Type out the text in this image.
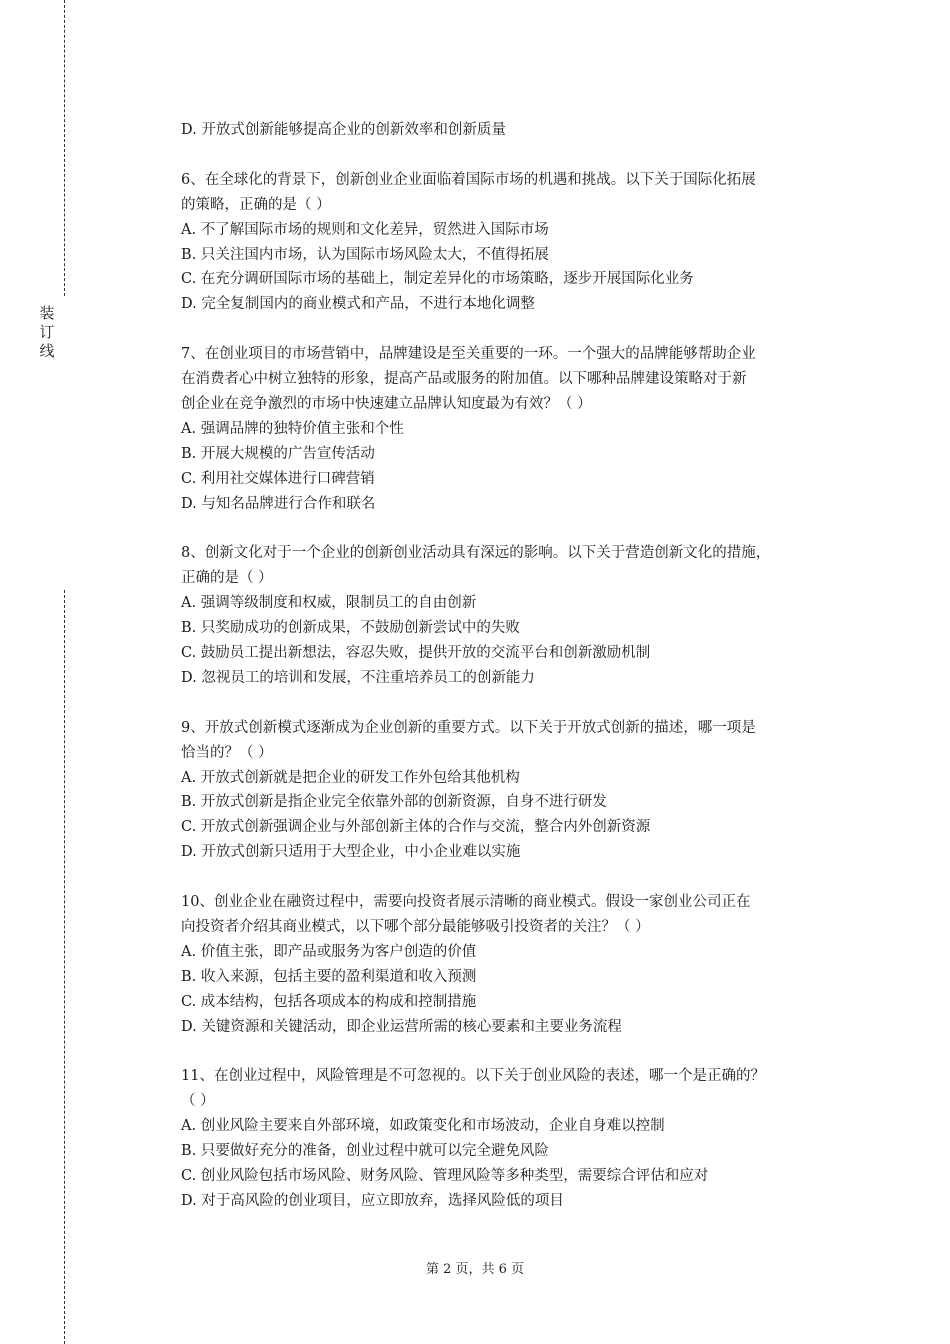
装
订
线
D. 开放式创新能够提高企业的创新效率和创新质量
6、在全球化的背景下，创新创业企业面临着国际市场的机遇和挑战。以下关于国际化拓展
的策略，正确的是（ ）
A. 不了解国际市场的规则和文化差异，贸然进入国际市场
B. 只关注国内市场，认为国际市场风险太大，不值得拓展
C. 在充分调研国际市场的基础上，制定差异化的市场策略，逐步开展国际化业务
D. 完全复制国内的商业模式和产品，不进行本地化调整
7、在创业项目的市场营销中，品牌建设是至关重要的一环。一个强大的品牌能够帮助企业
在消费者心中树立独特的形象，提高产品或服务的附加值。以下哪种品牌建设策略对于新
创企业在竞争激烈的市场中快速建立品牌认知度最为有效？（ ）
A. 强调品牌的独特价值主张和个性
B. 开展大规模的广告宣传活动
C. 利用社交媒体进行口碑营销
D. 与知名品牌进行合作和联名
8、创新文化对于一个企业的创新创业活动具有深远的影响。以下关于营造创新文化的措施，
正确的是（ ）
A. 强调等级制度和权威，限制员工的自由创新
B. 只奖励成功的创新成果，不鼓励创新尝试中的失败
C. 鼓励员工提出新想法，容忍失败，提供开放的交流平台和创新激励机制
D. 忽视员工的培训和发展，不注重培养员工的创新能力
9、开放式创新模式逐渐成为企业创新的重要方式。以下关于开放式创新的描述，哪一项是
恰当的？（ ）
A. 开放式创新就是把企业的研发工作外包给其他机构
B. 开放式创新是指企业完全依靠外部的创新资源，自身不进行研发
C. 开放式创新强调企业与外部创新主体的合作与交流，整合内外创新资源
D. 开放式创新只适用于大型企业，中小企业难以实施
10、创业企业在融资过程中，需要向投资者展示清晰的商业模式。假设一家创业公司正在
向投资者介绍其商业模式，以下哪个部分最能够吸引投资者的关注？（ ）
A. 价值主张，即产品或服务为客户创造的价值
B. 收入来源，包括主要的盈利渠道和收入预测
C. 成本结构，包括各项成本的构成和控制措施
D. 关键资源和关键活动，即企业运营所需的核心要素和主要业务流程
11、在创业过程中，风险管理是不可忽视的。以下关于创业风险的表述，哪一个是正确的？
（ ）
A. 创业风险主要来自外部环境，如政策变化和市场波动，企业自身难以控制
B. 只要做好充分的准备，创业过程中就可以完全避免风险
C. 创业风险包括市场风险、财务风险、管理风险等多种类型，需要综合评估和应对
D. 对于高风险的创业项目，应立即放弃，选择风险低的项目
第 2 页，共 6 页
